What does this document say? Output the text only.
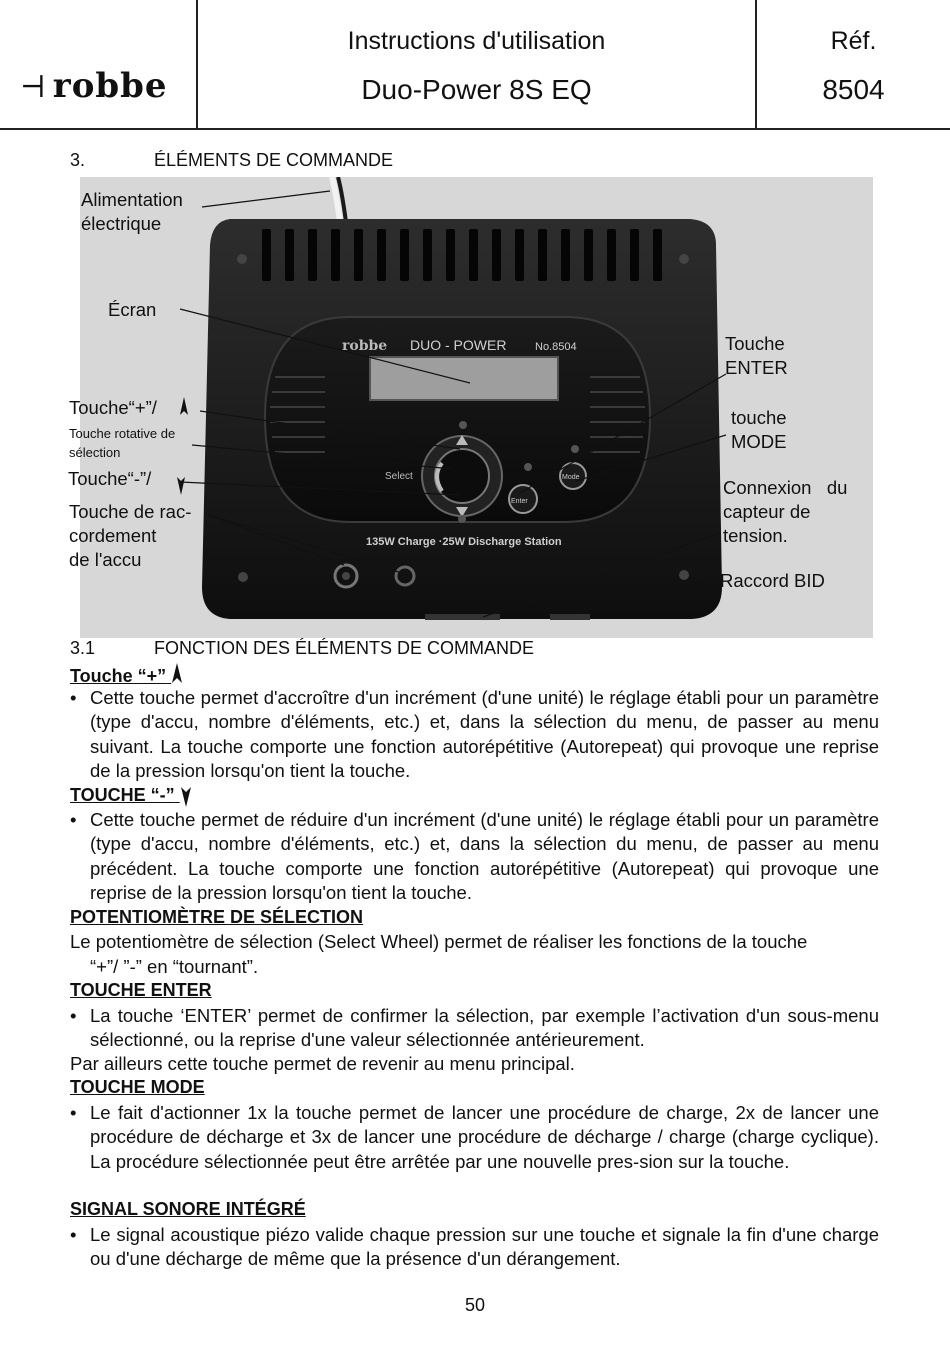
⊣ robbe
Instructions d'utilisation
Duo-Power 8S EQ
Réf.
8504
3.	ÉLÉMENTS DE COMMANDE
robbe DUO - POWER	No.8504
Select
Enter
Mode
135W Charge ·25W Discharge Station
Alimentation
électrique
Écran
Touche“+”/
Touche rotative de
sélection
Touche“-”/
Touche de rac-
cordement
de l'accu
Touche
ENTER
touche
MODE
Connexion   du
capteur de
tension.
Raccord BID
3.1	FONCTION DES ÉLÉMENTS DE COMMANDE
Touche “+”
• Cette touche permet d'accroître d'un incrément (d'une unité) le réglage établi pour un paramètre (type d'accu, nombre d'éléments, etc.) et, dans la sélection du menu, de passer au menu suivant. La touche comporte une fonction autorépétitive (Autorepeat) qui provoque une reprise de la pression lorsqu'on tient la touche.
TOUCHE “-”
• Cette touche permet de réduire d'un incrément (d'une unité) le réglage établi pour un paramètre (type d'accu, nombre d'éléments, etc.) et, dans la sélection du menu, de passer au menu précédent. La touche comporte une fonction autorépétitive (Autorepeat) qui provoque une reprise de la pression lorsqu'on tient la touche.
POTENTIOMÈTRE DE SÉLECTION
Le potentiomètre de sélection (Select Wheel) permet de réaliser les fonctions de la touche
“+”/ ”-” en “tournant”.
TOUCHE ENTER
• La touche ‘ENTER’ permet de confirmer la sélection, par exemple l’activation d'un sous-menu sélectionné, ou la reprise d'une valeur sélectionnée antérieurement.
Par ailleurs cette touche permet de revenir au menu principal.
TOUCHE MODE
• Le fait d'actionner 1x la touche permet de lancer une procédure de charge, 2x de lancer une procédure de décharge et 3x de lancer une procédure de décharge / charge (charge cyclique). La procédure sélectionnée peut être arrêtée par une nouvelle pres-sion sur la touche.
SIGNAL SONORE INTÉGRÉ
• Le signal acoustique piézo valide chaque pression sur une touche et signale la fin d'une charge ou d'une décharge de même que la présence d'un dérangement.
50
